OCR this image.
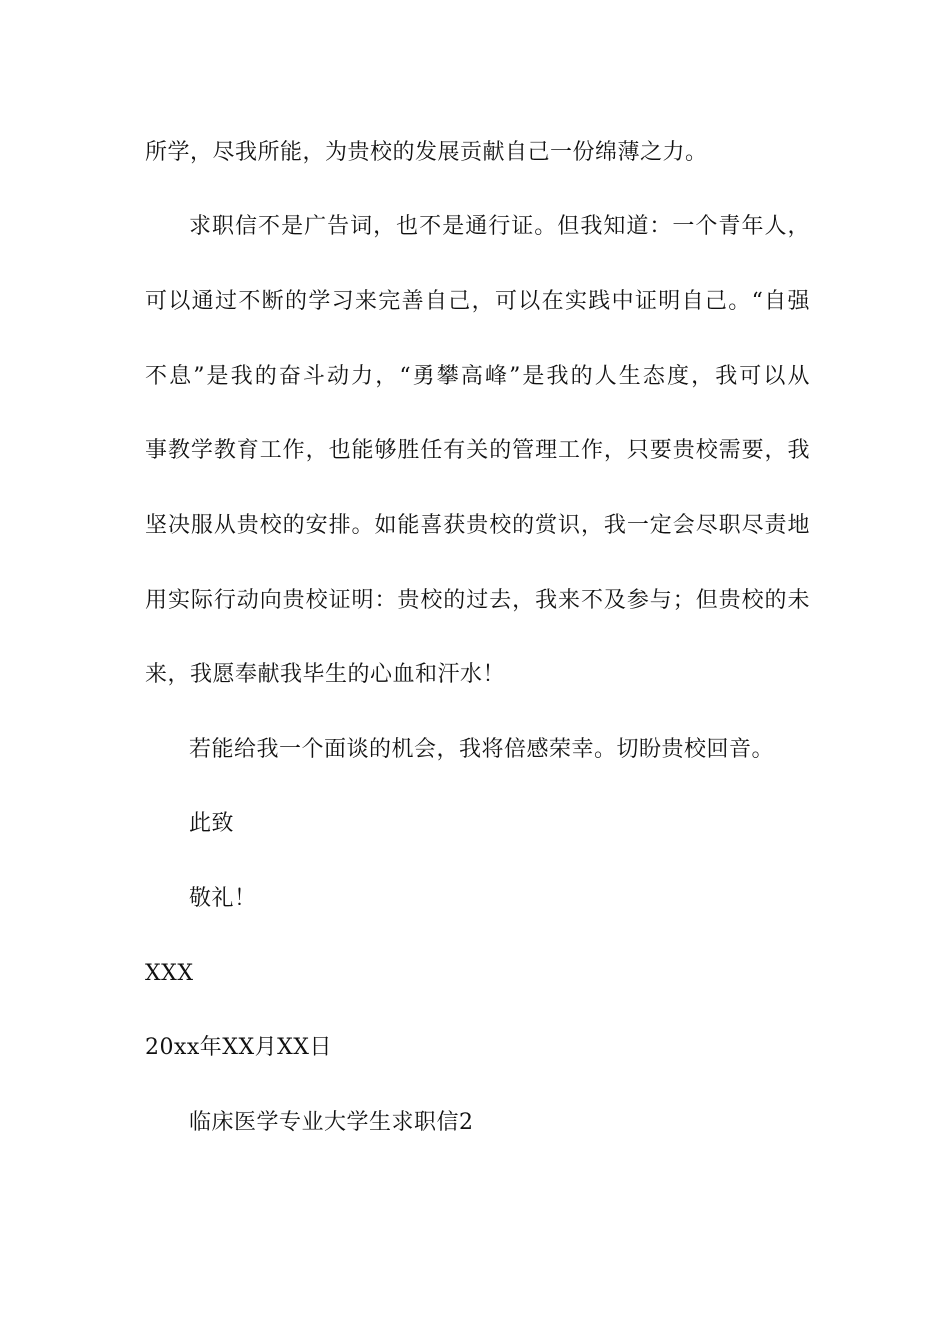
所学，尽我所能，为贵校的发展贡献自己一份绵薄之力。
求职信不是广告词，也不是通行证。但我知道：一个青年人，
可以通过不断的学习来完善自己，可以在实践中证明自己。“自强
不息”是我的奋斗动力，“勇攀高峰”是我的人生态度，我可以从
事教学教育工作，也能够胜任有关的管理工作，只要贵校需要，我
坚决服从贵校的安排。如能喜获贵校的赏识，我一定会尽职尽责地
用实际行动向贵校证明：贵校的过去，我来不及参与；但贵校的未
来，我愿奉献我毕生的心血和汗水！
若能给我一个面谈的机会，我将倍感荣幸。切盼贵校回音。
此致
敬礼！
XXX
20xx年XX月XX日
临床医学专业大学生求职信2
